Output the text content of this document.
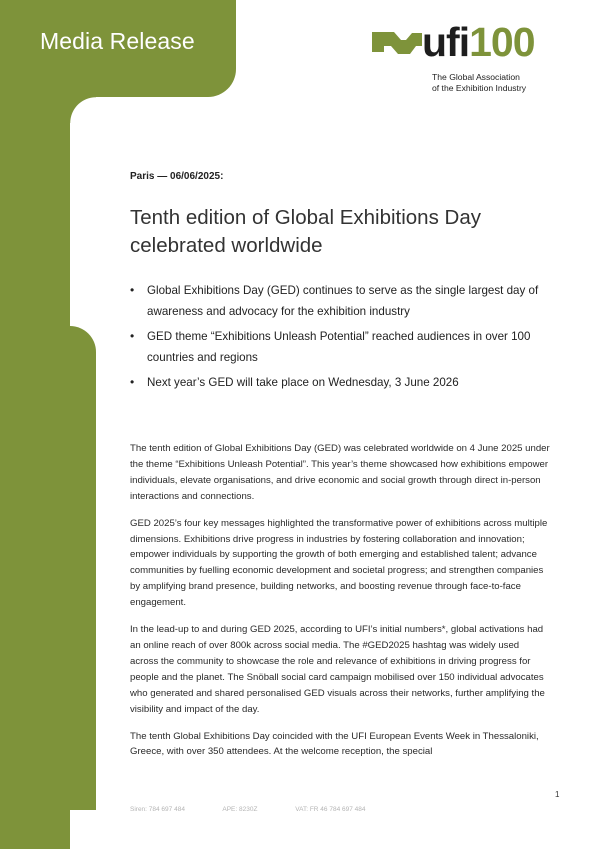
Media Release	ufi100
The Global Association
of the Exhibition Industry

Paris — 06/06/2025:

Tenth edition of Global Exhibitions Day celebrated worldwide
• Global Exhibitions Day (GED) continues to serve as the single largest day of awareness and advocacy for the exhibition industry
• GED theme “Exhibitions Unleash Potential” reached audiences in over 100 countries and regions
• Next year’s GED will take place on Wednesday, 3 June 2026

The tenth edition of Global Exhibitions Day (GED) was celebrated worldwide on 4 June 2025 under the theme “Exhibitions Unleash Potential”. This year’s theme showcased how exhibitions empower individuals, elevate organisations, and drive economic and social growth through direct in-person interactions and connections.

GED 2025’s four key messages highlighted the transformative power of exhibitions across multiple dimensions. Exhibitions drive progress in industries by fostering collaboration and innovation; empower individuals by supporting the growth of both emerging and established talent; advance communities by fuelling economic development and societal progress; and strengthen companies by amplifying brand presence, building networks, and boosting revenue through face-to-face engagement.

In the lead-up to and during GED 2025, according to UFI’s initial numbers*, global activations had an online reach of over 800k across social media. The #GED2025 hashtag was widely used across the community to showcase the role and relevance of exhibitions in driving progress for people and the planet. The Snöball social card campaign mobilised over 150 individual advocates who generated and shared personalised GED visuals across their networks, further amplifying the visibility and impact of the day.

The tenth Global Exhibitions Day coincided with the UFI European Events Week in Thessaloniki, Greece, with over 350 attendees. At the welcome reception, the special

1
Siren: 784 697 484	APE: 8230Z	VAT: FR 46 784 697 484
